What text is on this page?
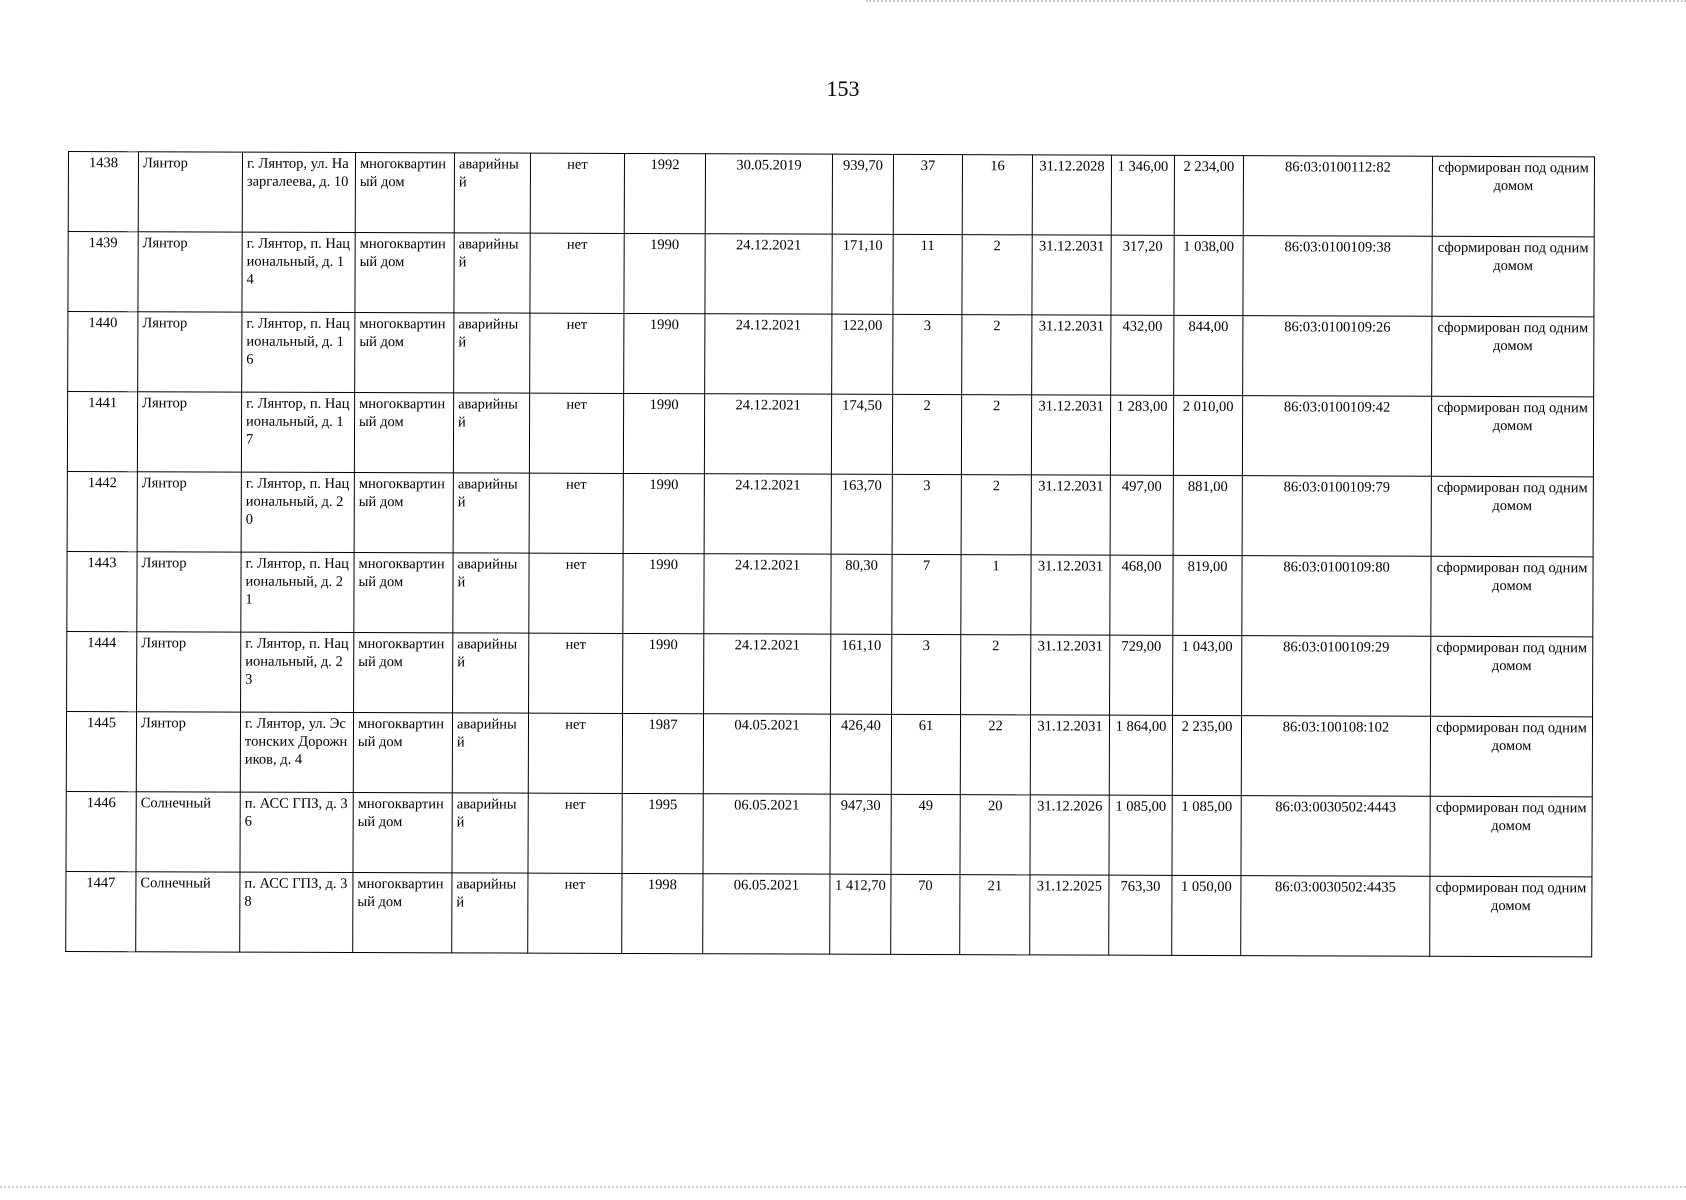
153
1438	Лянтор	г. Лянтор, ул. Назаргалеева, д. 10	многоквартиный дом	аварийный	нет	1992	30.05.2019	939,70	37	16	31.12.2028	1 346,00	2 234,00	86:03:0100112:82	сформирован под одним домом
1439	Лянтор	г. Лянтор, п. Национальный, д. 14	многоквартиный дом	аварийный	нет	1990	24.12.2021	171,10	11	2	31.12.2031	317,20	1 038,00	86:03:0100109:38	сформирован под одним домом
1440	Лянтор	г. Лянтор, п. Национальный, д. 16	многоквартиный дом	аварийный	нет	1990	24.12.2021	122,00	3	2	31.12.2031	432,00	844,00	86:03:0100109:26	сформирован под одним домом
1441	Лянтор	г. Лянтор, п. Национальный, д. 17	многоквартиный дом	аварийный	нет	1990	24.12.2021	174,50	2	2	31.12.2031	1 283,00	2 010,00	86:03:0100109:42	сформирован под одним домом
1442	Лянтор	г. Лянтор, п. Национальный, д. 20	многоквартиный дом	аварийный	нет	1990	24.12.2021	163,70	3	2	31.12.2031	497,00	881,00	86:03:0100109:79	сформирован под одним домом
1443	Лянтор	г. Лянтор, п. Национальный, д. 21	многоквартиный дом	аварийный	нет	1990	24.12.2021	80,30	7	1	31.12.2031	468,00	819,00	86:03:0100109:80	сформирован под одним домом
1444	Лянтор	г. Лянтор, п. Национальный, д. 23	многоквартиный дом	аварийный	нет	1990	24.12.2021	161,10	3	2	31.12.2031	729,00	1 043,00	86:03:0100109:29	сформирован под одним домом
1445	Лянтор	г. Лянтор, ул. Эстонских Дорожников, д. 4	многоквартиный дом	аварийный	нет	1987	04.05.2021	426,40	61	22	31.12.2031	1 864,00	2 235,00	86:03:100108:102	сформирован под одним домом
1446	Солнечный	п. АСС ГПЗ, д. 36	многоквартиный дом	аварийный	нет	1995	06.05.2021	947,30	49	20	31.12.2026	1 085,00	1 085,00	86:03:0030502:4443	сформирован под одним домом
1447	Солнечный	п. АСС ГПЗ, д. 38	многоквартиный дом	аварийный	нет	1998	06.05.2021	1 412,70	70	21	31.12.2025	763,30	1 050,00	86:03:0030502:4435	сформирован под одним домом
